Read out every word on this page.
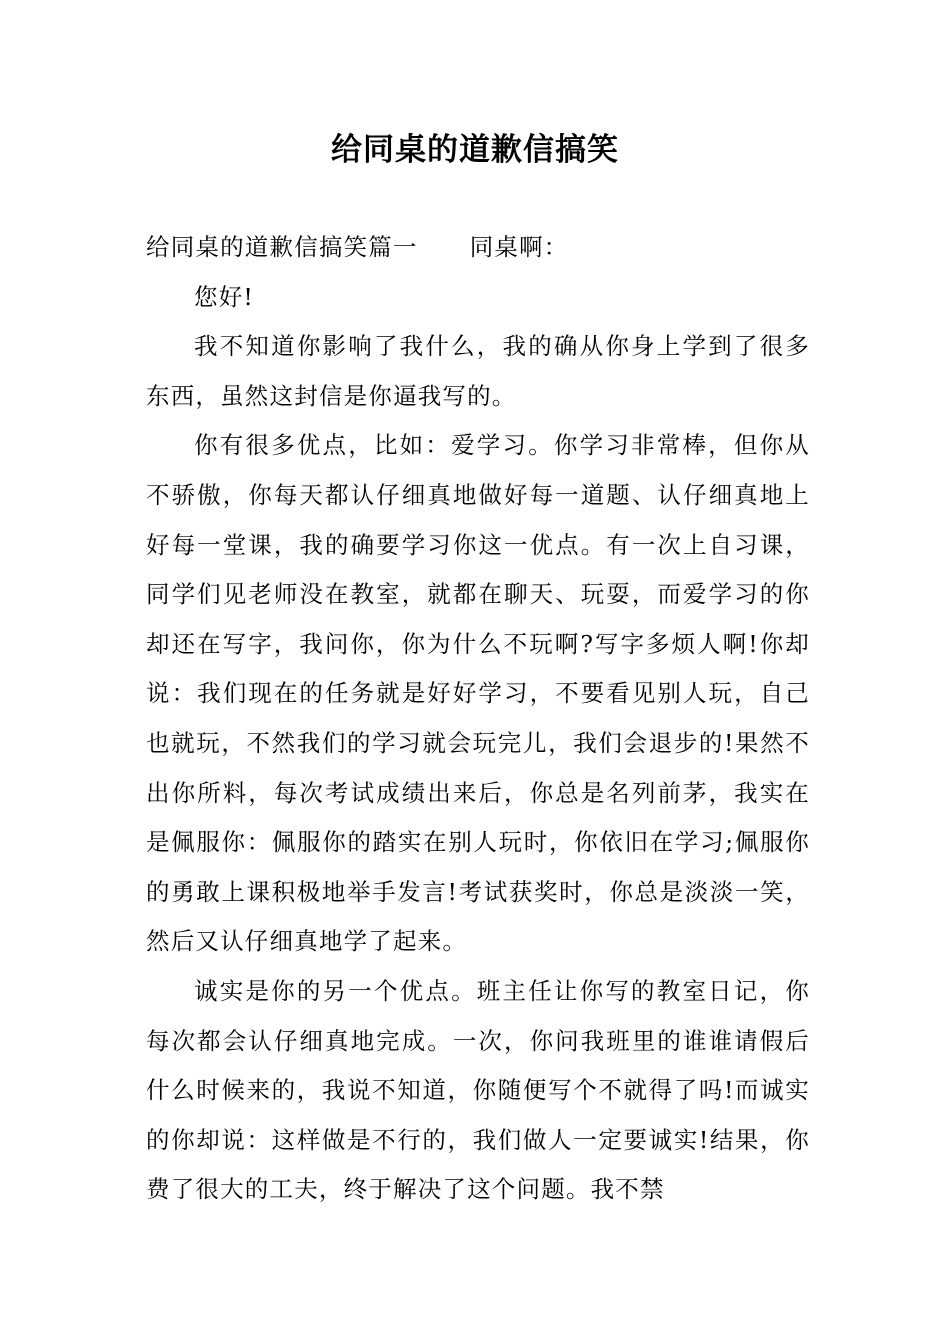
给同桌的道歉信搞笑

给同桌的道歉信搞笑篇一 同桌啊：

您好!

我不知道你影响了我什么，我的确从你身上学到了很多东西，虽然这封信是你逼我写的。

你有很多优点，比如：爱学习。你学习非常棒，但你从不骄傲，你每天都认仔细真地做好每一道题、认仔细真地上好每一堂课，我的确要学习你这一优点。有一次上自习课，同学们见老师没在教室，就都在聊天、玩耍，而爱学习的你却还在写字，我问你，你为什么不玩啊?写字多烦人啊!你却说：我们现在的任务就是好好学习，不要看见别人玩，自己也就玩，不然我们的学习就会玩完儿，我们会退步的!果然不出你所料，每次考试成绩出来后，你总是名列前茅，我实在是佩服你：佩服你的踏实在别人玩时，你依旧在学习;佩服你的勇敢上课积极地举手发言!考试获奖时，你总是淡淡一笑，然后又认仔细真地学了起来。

诚实是你的另一个优点。班主任让你写的教室日记，你每次都会认仔细真地完成。一次，你问我班里的谁谁请假后什么时候来的，我说不知道，你随便写个不就得了吗!而诚实的你却说：这样做是不行的，我们做人一定要诚实!结果，你费了很大的工夫，终于解决了这个问题。我不禁
